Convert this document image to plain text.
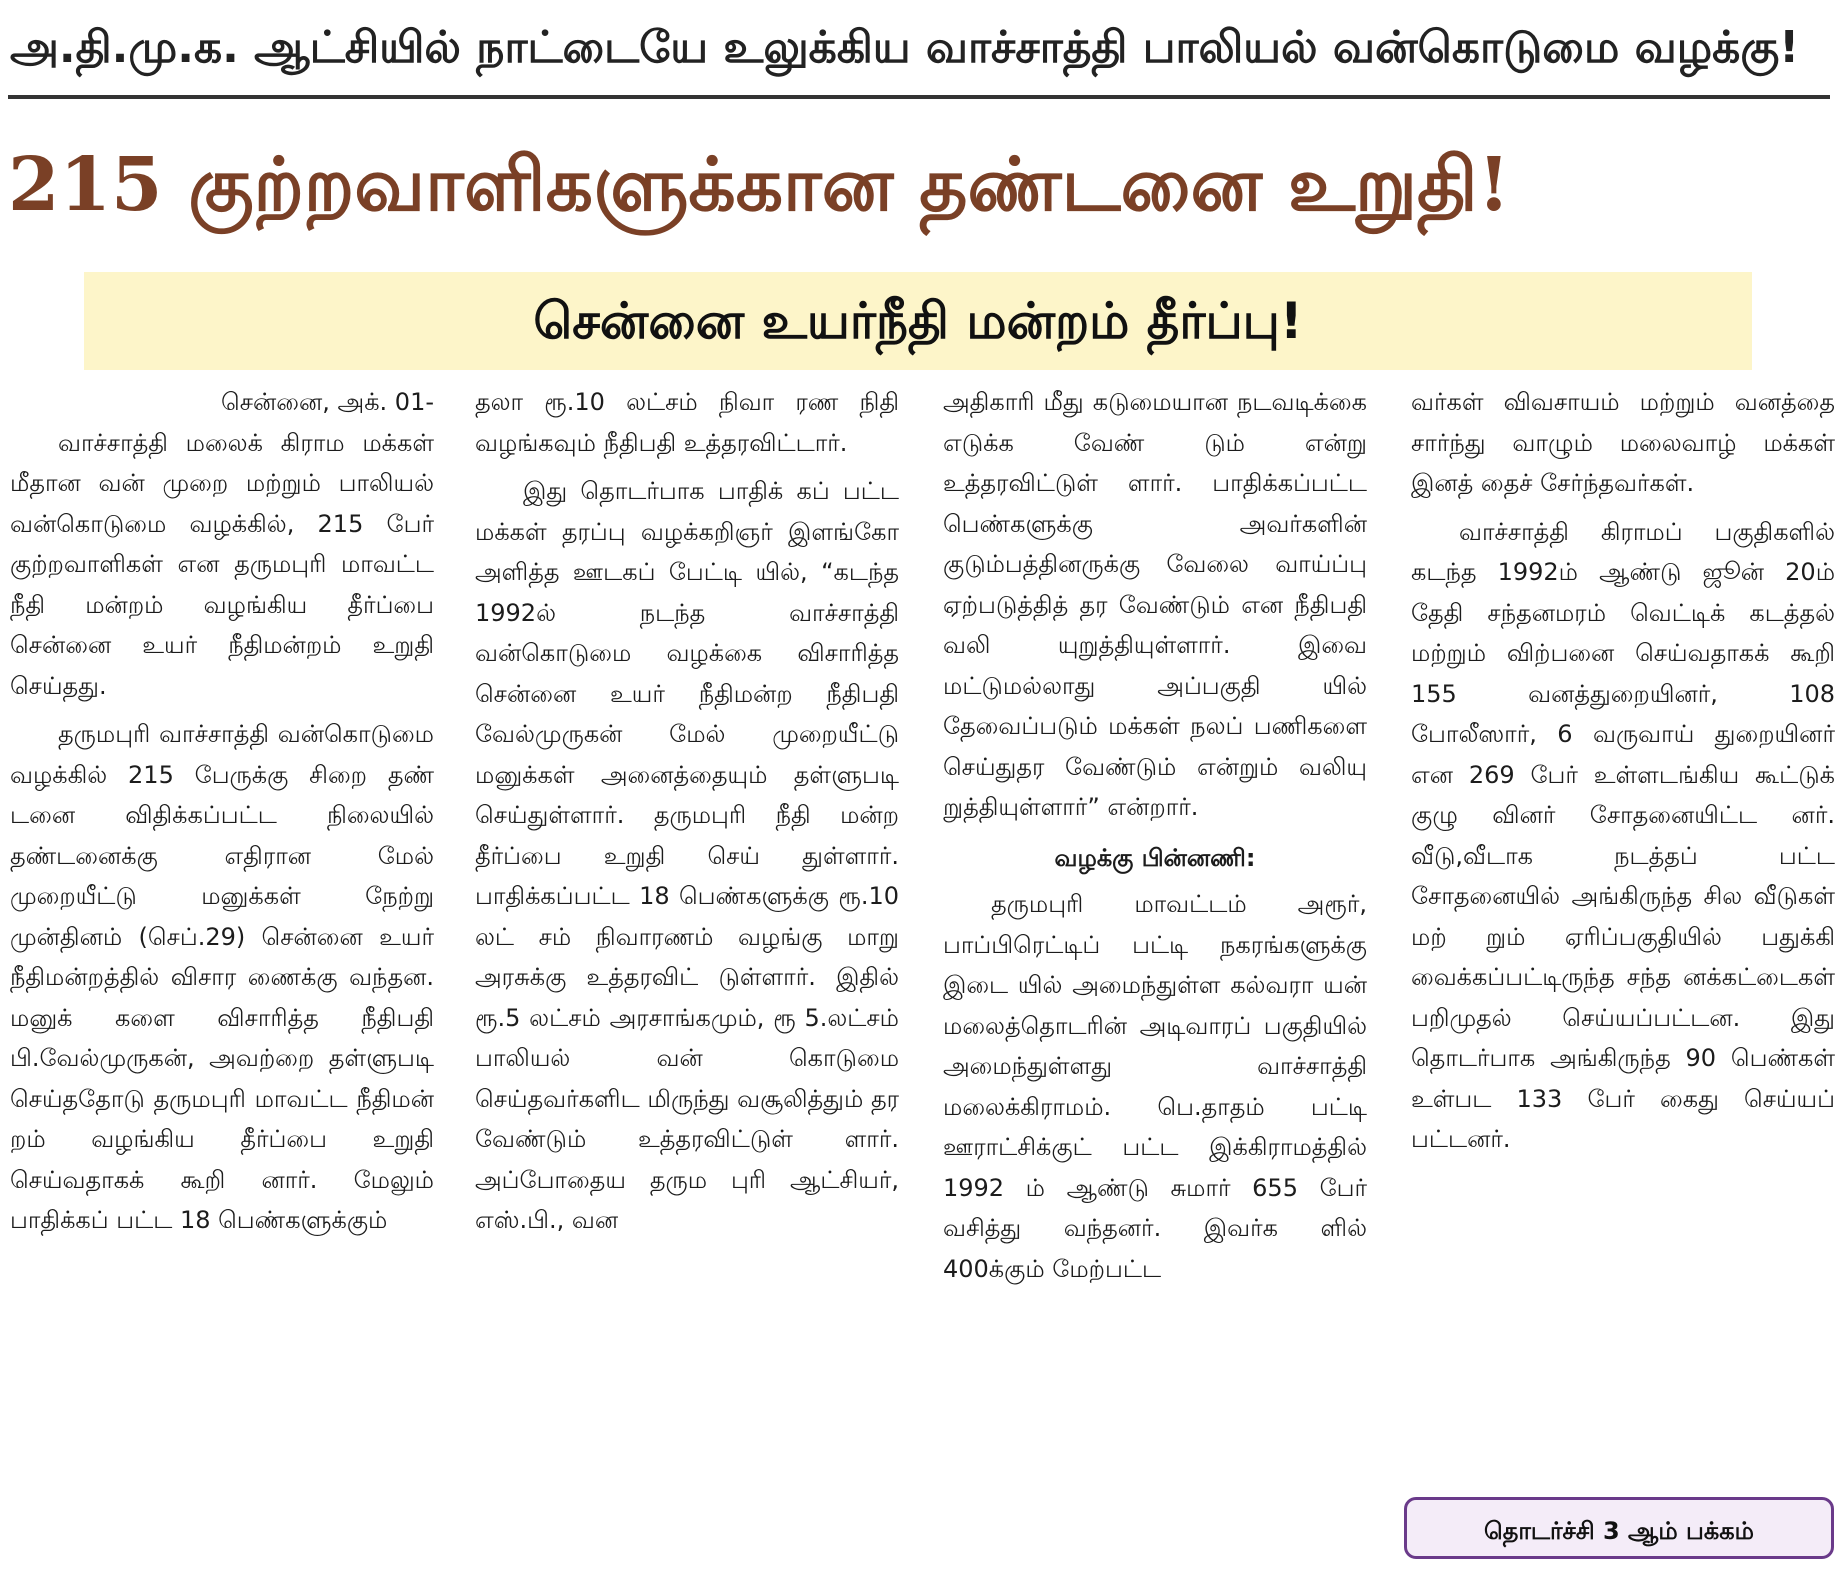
அ.தி.மு.க. ஆட்சியில் நாட்டையே உலுக்கிய வாச்சாத்தி பாலியல் வன்கொடுமை வழக்கு!
215 குற்றவாளிகளுக்கான தண்டனை உறுதி!
சென்னை உயர்நீதி மன்றம் தீர்ப்பு!

சென்னை, அக். 01-

வாச்சாத்தி மலைக் கிராம மக்கள் மீதான வன் முறை மற்றும் பாலியல் வன்கொடுமை வழக்கில், 215 பேர் குற்றவாளிகள் என தருமபுரி மாவட்ட நீதி மன்றம் வழங்கிய தீர்ப்பை சென்னை உயர் நீதிமன்றம் உறுதி செய்தது.

தருமபுரி வாச்சாத்தி வன்கொடுமை வழக்கில் 215 பேருக்கு சிறை தண் டனை விதிக்கப்பட்ட நிலையில் தண்டனைக்கு எதிரான மேல் முறையீட்டு மனுக்கள் நேற்று முன்தினம் (செப்.29) சென்னை உயர் நீதிமன்றத்தில் விசார ணைக்கு வந்தன. மனுக் களை விசாரித்த நீதிபதி பி.வேல்முருகன், அவற்றை தள்ளுபடி செய்ததோடு தருமபுரி மாவட்ட நீதிமன் றம் வழங்கிய தீர்ப்பை உறுதி செய்வதாகக் கூறி னார். மேலும் பாதிக்கப் பட்ட 18 பெண்களுக்கும்

தலா ரூ.10 லட்சம் நிவா ரண நிதி வழங்கவும் நீதிபதி உத்தரவிட்டார்.

இது தொடர்பாக பாதிக் கப் பட்ட மக்கள் தரப்பு வழக்கறிஞர் இளங்கோ அளித்த ஊடகப் பேட்டி யில், “கடந்த 1992ல் நடந்த வாச்சாத்தி வன்கொடுமை வழக்கை விசாரித்த சென்னை உயர் நீதிமன்ற நீதிபதி வேல்முருகன் மேல் முறையீட்டு மனுக்கள் அனைத்தையும் தள்ளுபடி செய்துள்ளார். தருமபுரி நீதி மன்ற தீர்ப்பை உறுதி செய் துள்ளார். பாதிக்கப்பட்ட 18 பெண்களுக்கு ரூ.10 லட் சம் நிவாரணம் வழங்கு மாறு அரசுக்கு உத்தரவிட் டுள்ளார். இதில் ரூ.5 லட்சம் அரசாங்கமும், ரூ 5.லட்சம் பாலியல் வன் கொடுமை செய்தவர்களிட மிருந்து வசூலித்தும் தர வேண்டும் உத்தரவிட்டுள் ளார். அப்போதைய தரும புரி ஆட்சியர், எஸ்.பி., வன

அதிகாரி மீது கடுமையான நடவடிக்கை எடுக்க வேண் டும் என்று உத்தரவிட்டுள் ளார். பாதிக்கப்பட்ட பெண்களுக்கு அவர்களின் குடும்பத்தினருக்கு வேலை வாய்ப்பு ஏற்படுத்தித் தர வேண்டும் என நீதிபதி வலி யுறுத்தியுள்ளார். இவை மட்டுமல்லாது அப்பகுதி யில் தேவைப்படும் மக்கள் நலப் பணிகளை செய்துதர வேண்டும் என்றும் வலியு றுத்தியுள்ளார்” என்றார்.

வழக்கு பின்னணி:

தருமபுரி மாவட்டம் அரூர், பாப்பிரெட்டிப் பட்டி நகரங்களுக்கு இடை யில் அமைந்துள்ள கல்வரா யன் மலைத்தொடரின் அடிவாரப் பகுதியில் அமைந்துள்ளது வாச்சாத்தி மலைக்கிராமம். பெ.தாதம் பட்டி ஊராட்சிக்குட் பட்ட இக்கிராமத்தில் 1992 ம் ஆண்டு சுமார் 655 பேர் வசித்து வந்தனர். இவர்க ளில் 400க்கும் மேற்பட்ட

வர்கள் விவசாயம் மற்றும் வனத்தை சார்ந்து வாழும் மலைவாழ் மக்கள் இனத் தைச் சேர்ந்தவர்கள்.

வாச்சாத்தி கிராமப் பகுதிகளில் கடந்த 1992ம் ஆண்டு ஜூன் 20ம் தேதி சந்தனமரம் வெட்டிக் கடத்தல் மற்றும் விற்பனை செய்வதாகக் கூறி 155 வனத்துறையினர், 108 போலீஸார், 6 வருவாய் துறையினர் என 269 பேர் உள்ளடங்கிய கூட்டுக் குழு வினர் சோதனையிட்ட னர். வீடு,வீடாக நடத்தப் பட்ட சோதனையில் அங்கிருந்த சில வீடுகள் மற் றும் ஏரிப்பகுதியில் பதுக்கி வைக்கப்பட்டிருந்த சந்த னக்கட்டைகள் பறிமுதல் செய்யப்பட்டன. இது தொடர்பாக அங்கிருந்த 90 பெண்கள் உள்பட 133 பேர் கைது செய்யப் பட்டனர்.

தொடர்ச்சி 3 ஆம் பக்கம்
